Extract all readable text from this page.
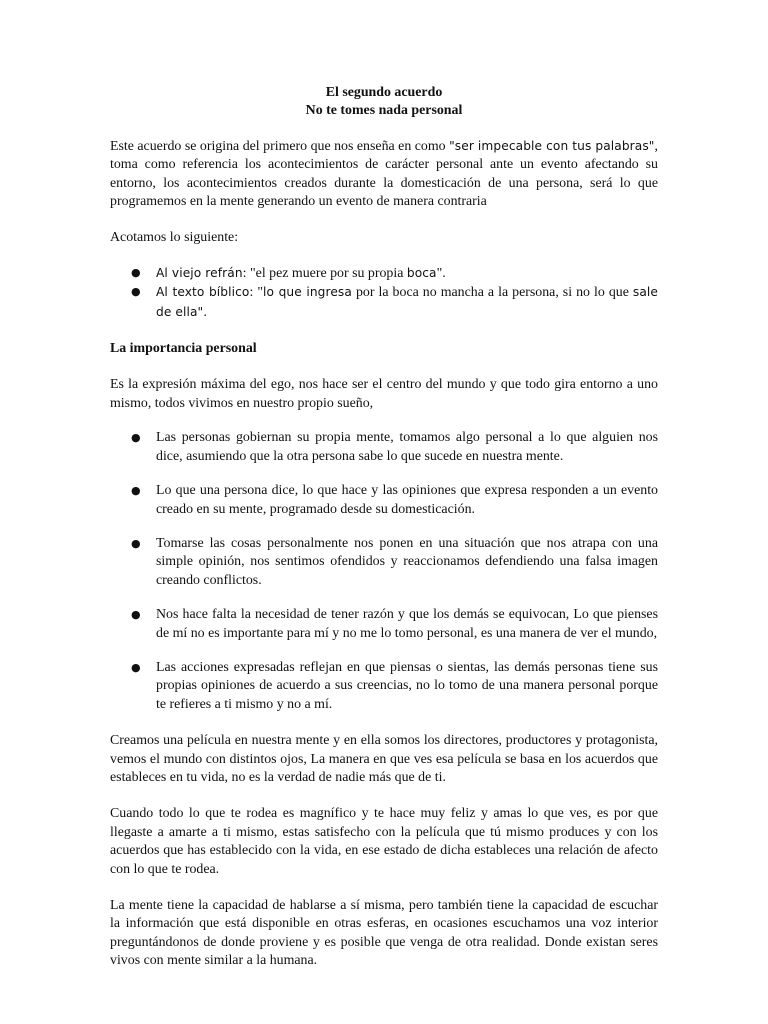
El segundo acuerdo
No te tomes nada personal

Este acuerdo se origina del primero que nos enseña en como "ser impecable con tus palabras", toma como referencia los acontecimientos de carácter personal ante un evento afectando su entorno, los acontecimientos creados durante la domesticación de una persona, será lo que programemos en la mente generando un evento de manera contraria

Acotamos lo siguiente:

● Al viejo refrán: "el pez muere por su propia boca".
● Al texto bíblico: "lo que ingresa por la boca no mancha a la persona, si no lo que sale de ella".

La importancia personal

Es la expresión máxima del ego, nos hace ser el centro del mundo y que todo gira entorno a uno mismo, todos vivimos en nuestro propio sueño,

● Las personas gobiernan su propia mente, tomamos algo personal a lo que alguien nos dice, asumiendo que la otra persona sabe lo que sucede en nuestra mente.
● Lo que una persona dice, lo que hace y las opiniones que expresa responden a un evento creado en su mente, programado desde su domesticación.
● Tomarse las cosas personalmente nos ponen en una situación que nos atrapa con una simple opinión, nos sentimos ofendidos y reaccionamos defendiendo una falsa imagen creando conflictos.
● Nos hace falta la necesidad de tener razón y que los demás se equivocan, Lo que pienses de mí no es importante para mí y no me lo tomo personal, es una manera de ver el mundo,
● Las acciones expresadas reflejan en que piensas o sientas, las demás personas tiene sus propias opiniones de acuerdo a sus creencias, no lo tomo de una manera personal porque te refieres a ti mismo y no a mí.

Creamos una película en nuestra mente y en ella somos los directores, productores y protagonista, vemos el mundo con distintos ojos, La manera en que ves esa película se basa en los acuerdos que estableces en tu vida, no es la verdad de nadie más que de ti.

Cuando todo lo que te rodea es magnífico y te hace muy feliz y amas lo que ves, es por que llegaste a amarte a ti mismo, estas satisfecho con la película que tú mismo produces y con los acuerdos que has establecido con la vida, en ese estado de dicha estableces una relación de afecto con lo que te rodea.

La mente tiene la capacidad de hablarse a sí misma, pero también tiene la capacidad de escuchar la información que está disponible en otras esferas, en ocasiones escuchamos una voz interior preguntándonos de donde proviene y es posible que venga de otra realidad. Donde existan seres vivos con mente similar a la humana.
